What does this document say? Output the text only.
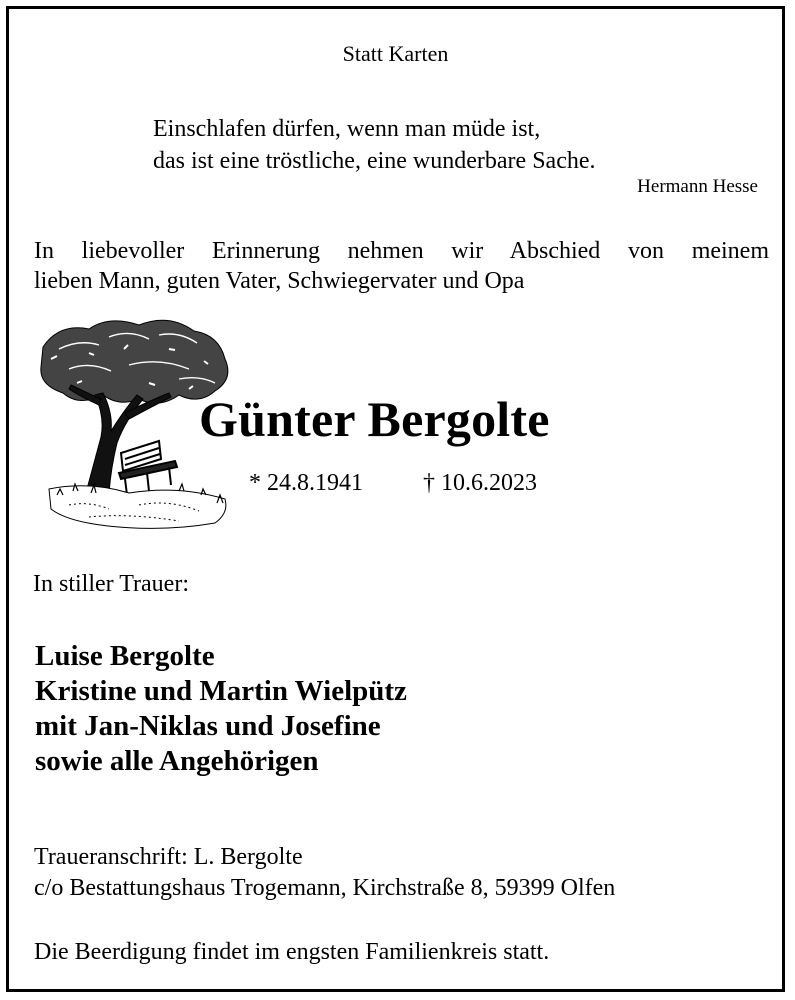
Statt Karten

Einschlafen dürfen, wenn man müde ist,
das ist eine tröstliche, eine wunderbare Sache.

Hermann Hesse

In liebevoller Erinnerung nehmen wir Abschied von meinem
lieben Mann, guten Vater, Schwiegervater und Opa

Günter Bergolte

* 24.8.1941	† 10.6.2023

In stiller Trauer:

Luise Bergolte
Kristine und Martin Wielpütz
mit Jan-Niklas und Josefine
sowie alle Angehörigen
Traueranschrift: L. Bergolte
c/o Bestattungshaus Trogemann, Kirchstraße 8, 59399 Olfen

Die Beerdigung findet im engsten Familienkreis statt.
